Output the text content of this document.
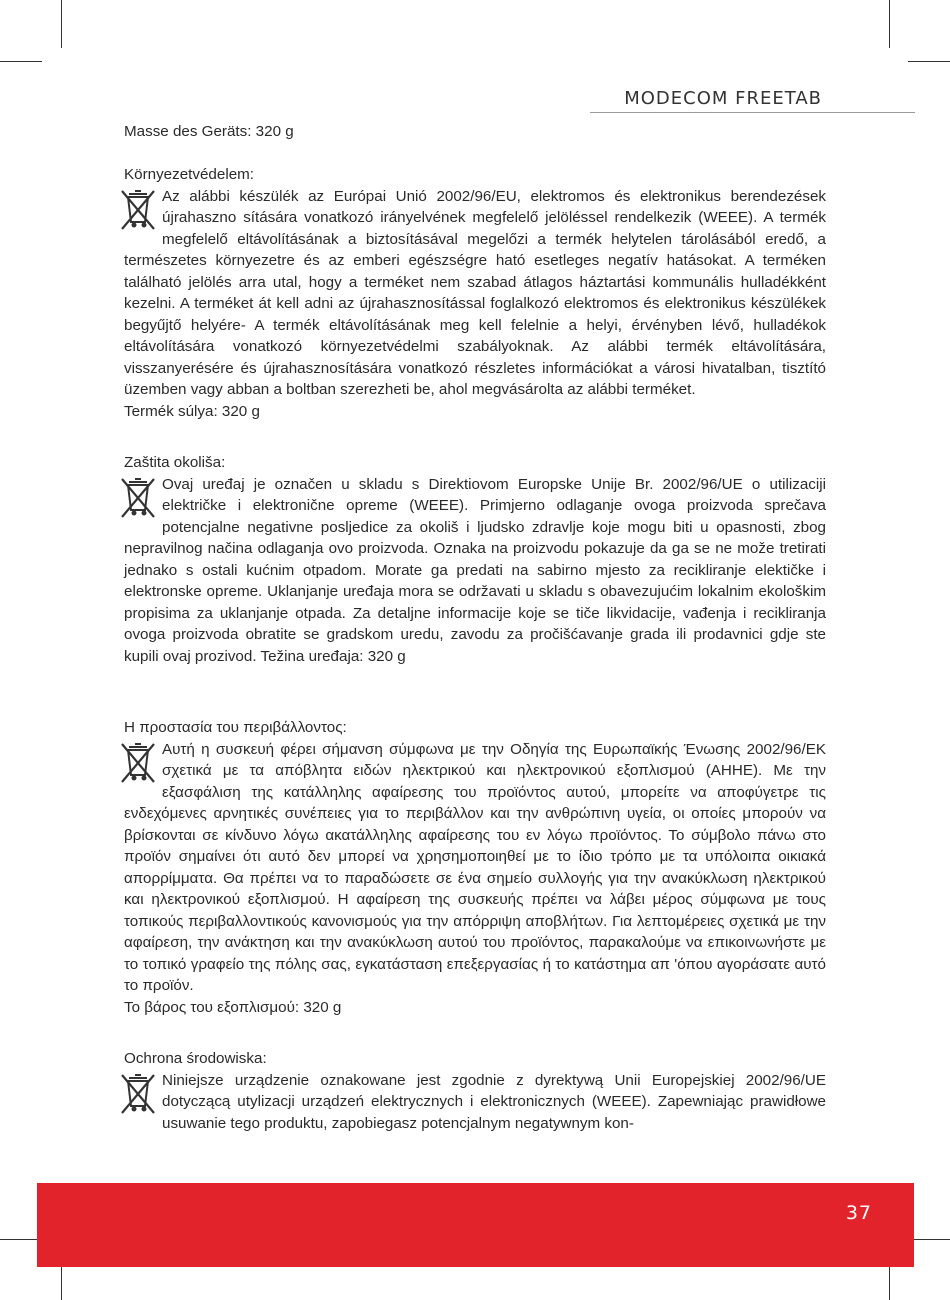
MODECOM FREETAB
Masse des Geräts: 320 g
Környezetvédelem:

Az alábbi készülék az Európai Unió 2002/96/EU, elektromos és elektronikus berendezések újrahaszno sítására vonatkozó irányelvének megfelelő jelöléssel rendelkezik (WEEE). A termék megfelelő eltávolításának a biztosításával megelőzi a termék helytelen tárolásából eredő, a természetes környezetre és az emberi egészségre ható esetleges negatív hatásokat. A terméken található jelölés arra utal, hogy a terméket nem szabad átlagos háztartási kommunális hulladékként kezelni. A terméket át kell adni az újrahasznosítással foglalkozó elektromos és elektronikus készülékek begyűjtő helyére- A termék eltávolításának meg kell felelnie a helyi, érvényben lévő, hulladékok eltávolítására vonatkozó környezetvédelmi szabályoknak. Az alábbi termék eltávolítására, visszanyerésére és újrahasznosítására vonatkozó részletes információkat a városi hivatalban, tisztító üzemben vagy abban a boltban szerezheti be, ahol megvásárolta az alábbi terméket.

Termék súlya: 320 g
Zaštita okoliša:

Ovaj uređaj je označen u skladu s Direktiovom Europske Unije Br. 2002/96/UE o utilizaciji električke i elektronične opreme (WEEE). Primjerno odlaganje ovoga proizvoda sprečava potencjalne negativne posljedice za okoliš i ljudsko zdravlje koje mogu biti u opasnosti, zbog nepravilnog načina odlaganja ovo proizvoda. Oznaka na proizvodu pokazuje da ga se ne može tretirati jednako s ostali kućnim otpadom. Morate ga predati na sabirno mjesto za recikliranje elektičke i elektronske opreme. Uklanjanje uređaja mora se održavati u skladu s obavezujućim lokalnim ekološkim propisima za uklanjanje otpada. Za detaljne informacije koje se tiče likvidacije, vađenja i recikliranja ovoga proizvoda obratite se gradskom uredu, zavodu za pročišćavanje grada ili prodavnici gdje ste kupili ovaj prozivod. Težina uređaja: 320 g

Η προστασία του περιβάλλοντος:

Αυτή η συσκευή φέρει σήμανση σύμφωνα με την Οδηγία της Ευρωπαϊκής Ένωσης 2002/96/ΕΚ σχετικά με τα απόβλητα ειδών ηλεκτρικού και ηλεκτρονικού εξοπλισμού (ΑΗΗΕ). Με την εξασφάλιση της κατάλληλης αφαίρεσης του προϊόντος αυτού, μπορείτε να αποφύγετρε τις ενδεχόμενες αρνητικές συνέπειες για το περιβάλλον και την ανθρώπινη υγεία, οι οποίες μπορούν να βρίσκονται σε κίνδυνο λόγω ακατάλληλης αφαίρεσης του εν λόγω προϊόντος. Το σύμβολο πάνω στο προϊόν σημαίνει ότι αυτό δεν μπορεί να χρησημοποιηθεί με το ίδιο τρόπο με τα υπόλοιπα οικιακά απορρίμματα. Θα πρέπει να το παραδώσετε σε ένα σημείο συλλογής για την ανακύκλωση ηλεκτρικού και ηλεκτρονικού εξοπλισμού. Η αφαίρεση της συσκευής πρέπει να λάβει μέρος σύμφωνα με τους τοπικούς περιβαλλοντικούς κανονισμούς για την απόρριψη αποβλήτων. Για λεπτομέρειες σχετικά με την αφαίρεση, την ανάκτηση και την ανακύκλωση αυτού του προϊόντος, παρακαλούμε να επικοινωνήστε με το τοπικό γραφείο της πόλης σας, εγκατάσταση επεξεργασίας ή το κατάστημα απ 'όπου αγοράσατε αυτό το προϊόν.

Το βάρος του εξοπλισμού: 320 g
Ochrona środowiska:

Niniejsze urządzenie oznakowane jest zgodnie z dyrektywą Unii Europejskiej 2002/96/UE dotyczącą utylizacji urządzeń elektrycznych i elektronicznych (WEEE). Zapewniając prawidłowe usuwanie tego produktu, zapobiegasz potencjalnym negatywnym kon-

37
